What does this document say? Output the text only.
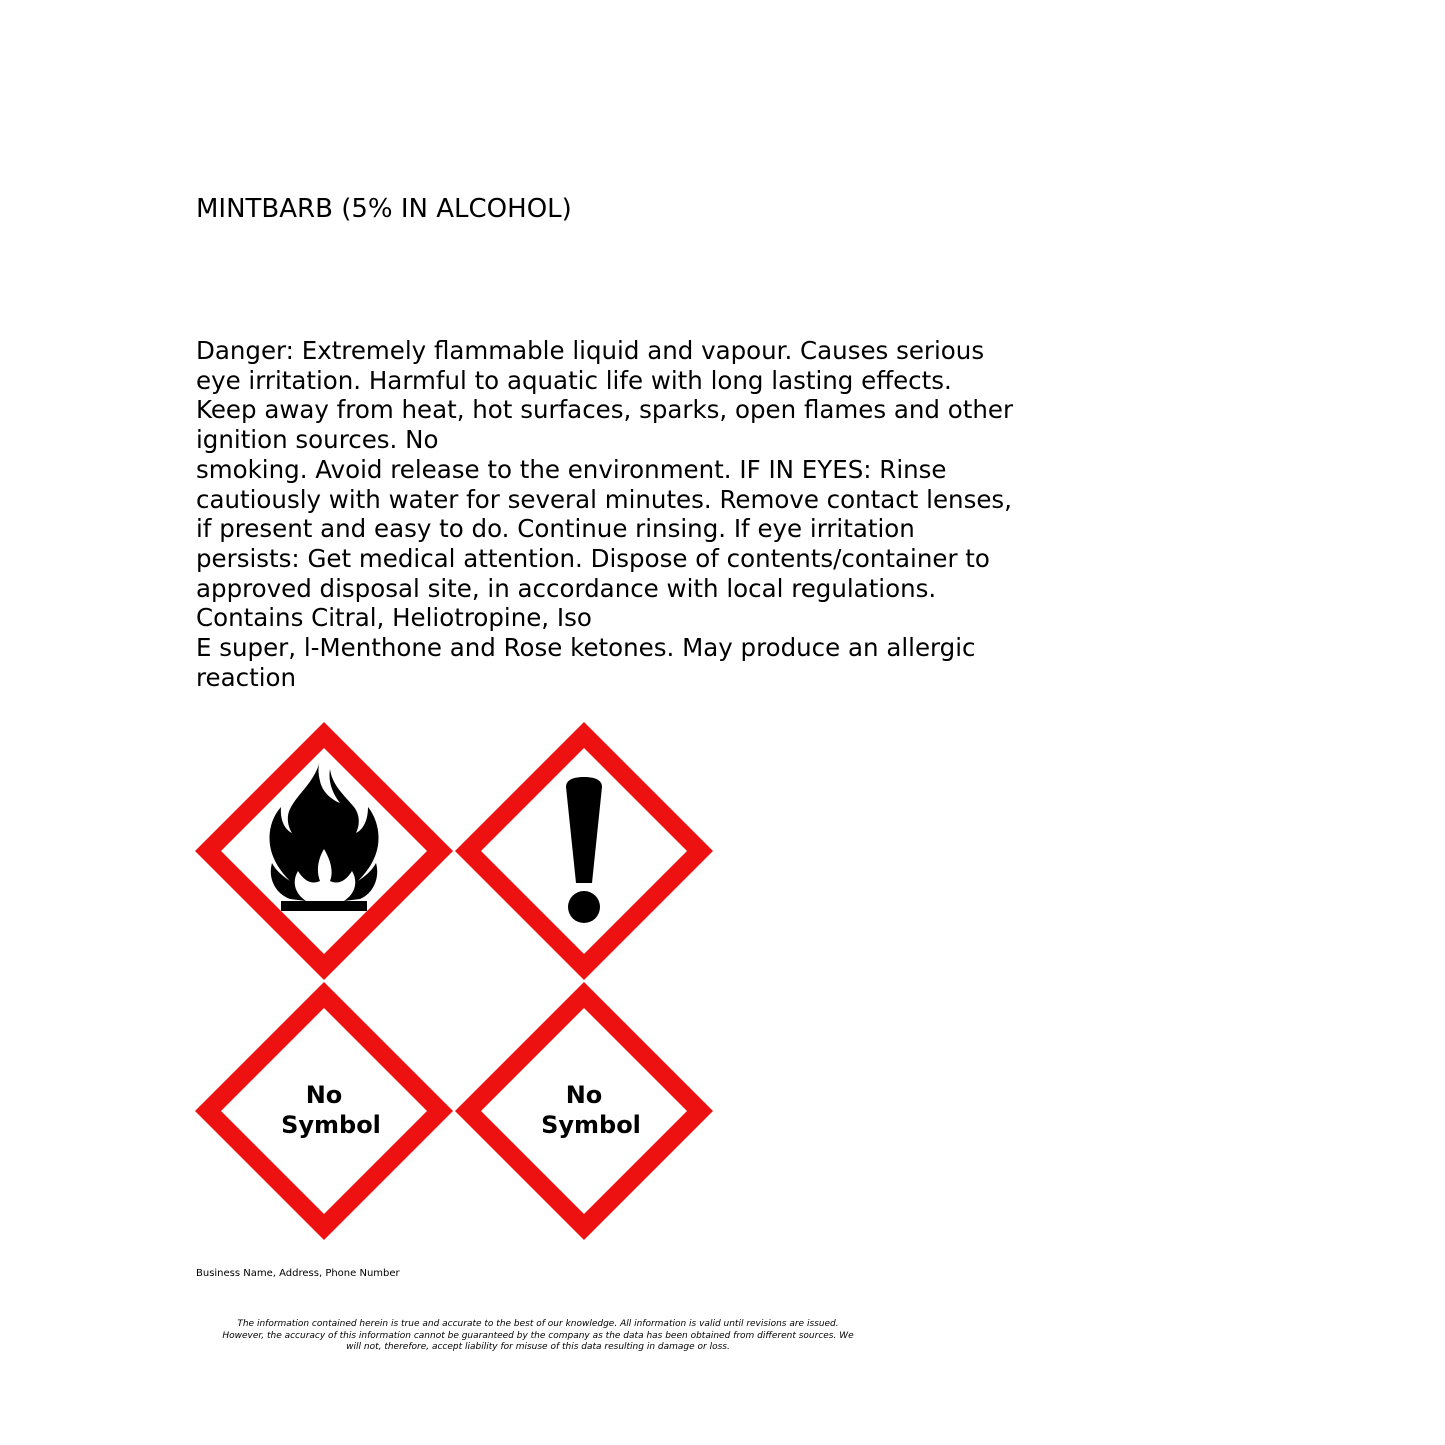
MINTBARB (5% IN ALCOHOL)
Danger: Extremely flammable liquid and vapour. Causes serious
eye irritation. Harmful to aquatic life with long lasting effects.
Keep away from heat, hot surfaces, sparks, open flames and other
ignition sources. No
smoking. Avoid release to the environment. IF IN EYES: Rinse
cautiously with water for several minutes. Remove contact lenses,
if present and easy to do. Continue rinsing. If eye irritation
persists: Get medical attention. Dispose of contents/container to
approved disposal site, in accordance with local regulations.
Contains Citral, Heliotropine, Iso
E super, l-Menthone and Rose ketones. May produce an allergic
reaction
No
Symbol
No
Symbol
Business Name, Address, Phone Number
The information contained herein is true and accurate to the best of our knowledge. All information is valid until revisions are issued.
However, the accuracy of this information cannot be guaranteed by the company as the data has been obtained from different sources. We
will not, therefore, accept liability for misuse of this data resulting in damage or loss.
